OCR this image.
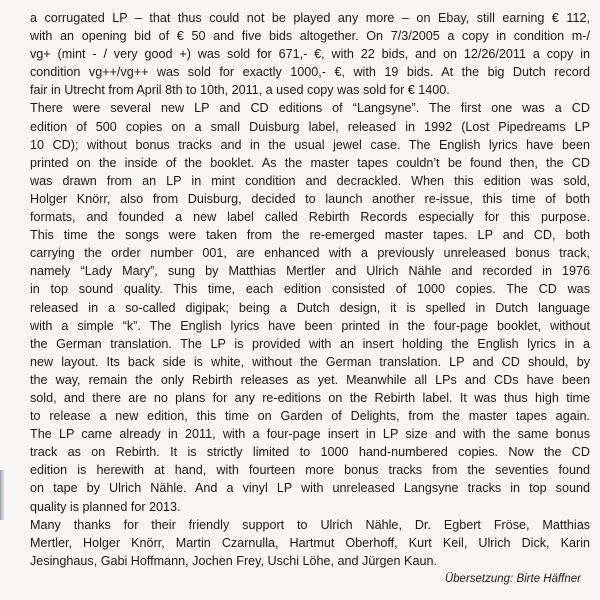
a corrugated LP – that thus could not be played any more – on Ebay, still earning € 112,
with an opening bid of € 50 and five bids altogether. On 7/3/2005 a copy in condition m-/
vg+ (mint - / very good +) was sold for 671,- €, with 22 bids, and on 12/26/2011 a copy in
condition vg++/vg++ was sold for exactly 1000,- €, with 19 bids. At the big Dutch record
fair in Utrecht from April 8th to 10th, 2011, a used copy was sold for € 1400.
There were several new LP and CD editions of “Langsyne”. The first one was a CD
edition of 500 copies on a small Duisburg label, released in 1992 (Lost Pipedreams LP
10 CD); without bonus tracks and in the usual jewel case. The English lyrics have been
printed on the inside of the booklet. As the master tapes couldn’t be found then, the CD
was drawn from an LP in mint condition and decrackled. When this edition was sold,
Holger Knörr, also from Duisburg, decided to launch another re-issue, this time of both
formats, and founded a new label called Rebirth Records especially for this purpose.
This time the songs were taken from the re-emerged master tapes. LP and CD, both
carrying the order number 001, are enhanced with a previously unreleased bonus track,
namely “Lady Mary”, sung by Matthias Mertler and Ulrich Nähle and recorded in 1976
in top sound quality. This time, each edition consisted of 1000 copies. The CD was
released in a so-called digipak; being a Dutch design, it is spelled in Dutch language
with a simple “k”. The English lyrics have been printed in the four-page booklet, without
the German translation. The LP is provided with an insert holding the English lyrics in a
new layout. Its back side is white, without the German translation. LP and CD should, by
the way, remain the only Rebirth releases as yet. Meanwhile all LPs and CDs have been
sold, and there are no plans for any re-editions on the Rebirth label. It was thus high time
to release a new edition, this time on Garden of Delights, from the master tapes again.
The LP came already in 2011, with a four-page insert in LP size and with the same bonus
track as on Rebirth. It is strictly limited to 1000 hand-numbered copies. Now the CD
edition is herewith at hand, with fourteen more bonus tracks from the seventies found
on tape by Ulrich Nähle. And a vinyl LP with unreleased Langsyne tracks in top sound
quality is planned for 2013.
Many thanks for their friendly support to Ulrich Nähle, Dr. Egbert Fröse, Matthias
Mertler, Holger Knörr, Martin Czarnulla, Hartmut Oberhoff, Kurt Keil, Ulrich Dick, Karin
Jesinghaus, Gabi Hoffmann, Jochen Frey, Uschi Löhe, and Jürgen Kaun.
Übersetzung: Birte Häffner
